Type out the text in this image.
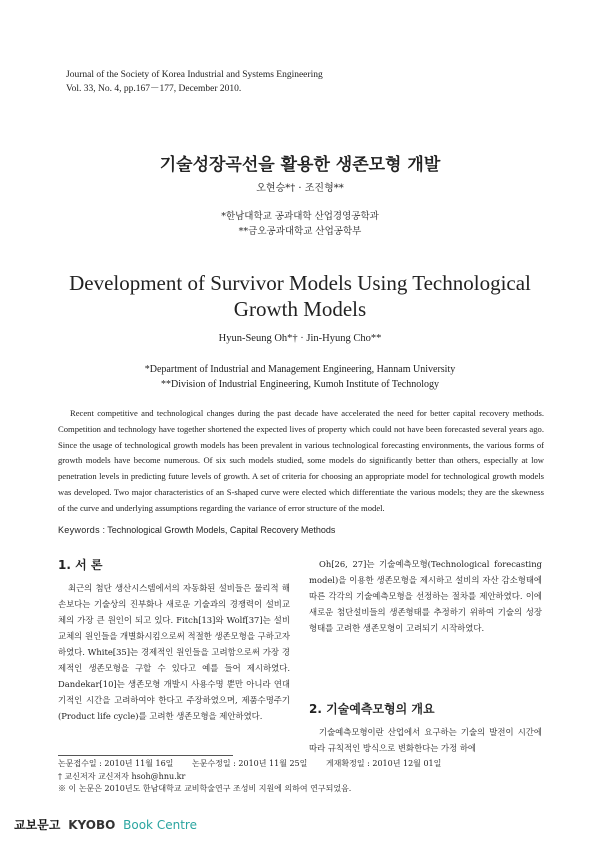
Journal of the Society of Korea Industrial and Systems Engineering
Vol. 33, No. 4, pp.167－177, December 2010.
기술성장곡선을 활용한 생존모형 개발
오현승*† · 조진형**
*한남대학교 공과대학 산업경영공학과
**금오공과대학교 산업공학부
Development of Survivor Models Using Technological Growth Models
Hyun-Seung Oh*† · Jin-Hyung Cho**
*Department of Industrial and Management Engineering, Hannam University
**Division of Industrial Engineering, Kumoh Institute of Technology
Recent competitive and technological changes during the past decade have accelerated the need for better capital recovery methods. Competition and technology have together shortened the expected lives of property which could not have been forecasted several years ago. Since the usage of technological growth models has been prevalent in various technological forecasting environments, the various forms of growth models have become numerous. Of six such models studied, some models do significantly better than others, especially at low penetration levels in predicting future levels of growth. A set of criteria for choosing an appropriate model for technological growth models was developed. Two major characteristics of an S-shaped curve were elected which differentiate the various models; they are the skewness of the curve and underlying assumptions regarding the variance of error structure of the model.
Keywords : Technological Growth Models, Capital Recovery Methods
1. 서 론
최근의 첨단 생산시스템에서의 자동화된 설비들은 물리적 해손보다는 기술상의 진부화나 새로운 기술과의 경쟁력이 설비교체의 가장 큰 원인이 되고 있다. Fitch[13]와 Wolf[37]는 설비교체의 원인들을 개별화시킴으로써 적절한 생존모형을 구하고자 하였다. White[35]는 경제적인 원인들을 고려함으로써 가장 경제적인 생존모형을 구할 수 있다고 예를 들어 제시하였다. Dandekar[10]는 생존모형 개발시 사용수명 뿐만 아니라 연대기적인 시간을 고려하여야 한다고 주장하였으며, 제품수명주기(Product life cycle)를 고려한 생존모형을 제안하였다.
Oh[26, 27]는 기술예측모형(Technological forecasting model)을 이용한 생존모형을 제시하고 설비의 자산 감소형태에 따른 각각의 기술예측모형을 선정하는 절차를 제안하였다. 이에 새로운 첨단설비들의 생존형태를 추정하기 위하여 기술의 성장 형태를 고려한 생존모형이 고려되기 시작하였다.
2. 기술예측모형의 개요
기술예측모형이란 산업에서 요구하는 기술의 발전이 시간에 따라 규칙적인 방식으로 변화한다는 가정 하에
논문접수일 : 2010년 11월 16일 논문수정일 : 2010년 11월 25일 게재확정일 : 2010년 12월 01일
† 교신저자 교신저자 hsoh@hnu.kr
※ 이 논문은 2010년도 한남대학교 교비학술연구 조성비 지원에 의하여 연구되었음.
교보문고 KYOBO Book Centre
